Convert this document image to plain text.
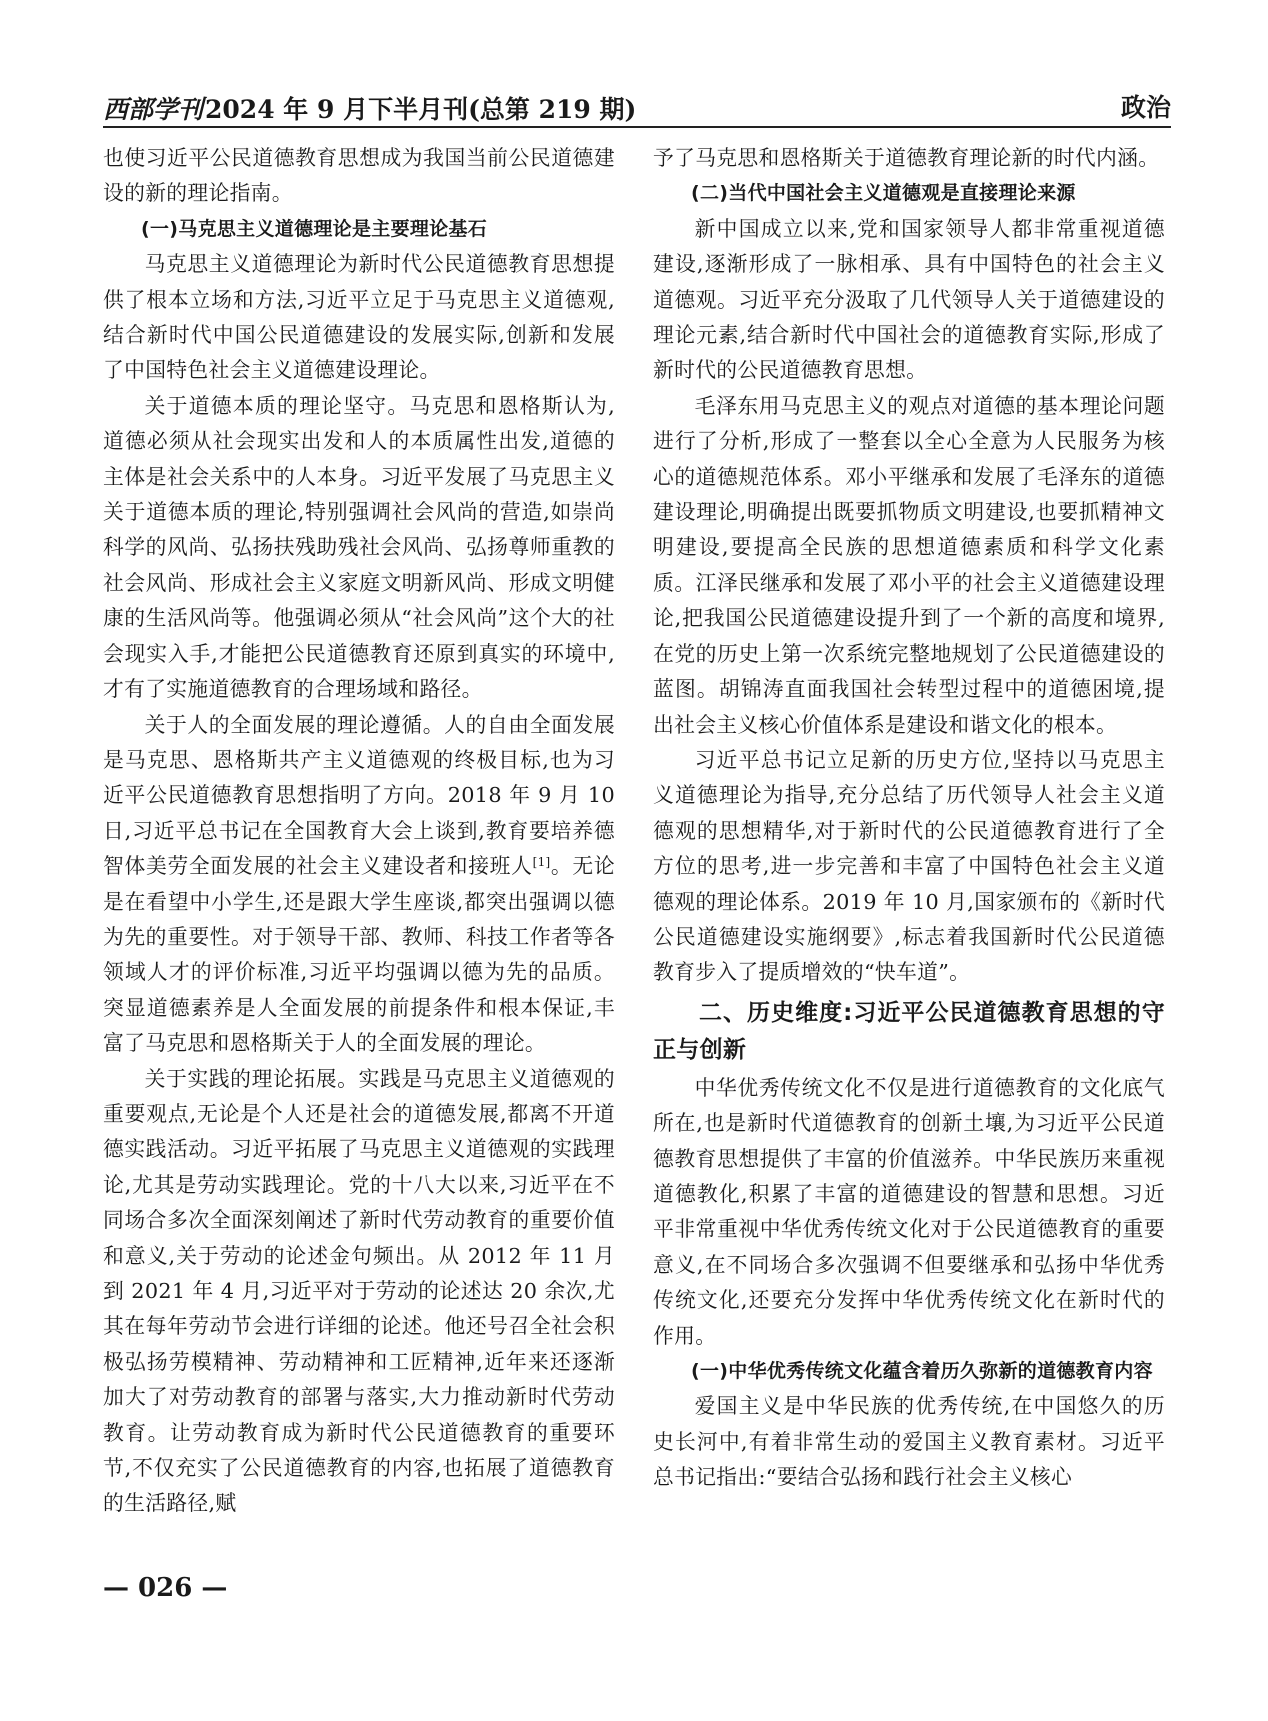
西部学刊2024 年 9 月下半月刊(总第 219 期)	政治

也使习近平公民道德教育思想成为我国当前公民道德建设的新的理论指南。

(一)马克思主义道德理论是主要理论基石

马克思主义道德理论为新时代公民道德教育思想提供了根本立场和方法,习近平立足于马克思主义道德观,结合新时代中国公民道德建设的发展实际,创新和发展了中国特色社会主义道德建设理论。

关于道德本质的理论坚守。马克思和恩格斯认为,道德必须从社会现实出发和人的本质属性出发,道德的主体是社会关系中的人本身。习近平发展了马克思主义关于道德本质的理论,特别强调社会风尚的营造,如崇尚科学的风尚、弘扬扶残助残社会风尚、弘扬尊师重教的社会风尚、形成社会主义家庭文明新风尚、形成文明健康的生活风尚等。他强调必须从“社会风尚”这个大的社会现实入手,才能把公民道德教育还原到真实的环境中,才有了实施道德教育的合理场域和路径。

关于人的全面发展的理论遵循。人的自由全面发展是马克思、恩格斯共产主义道德观的终极目标,也为习近平公民道德教育思想指明了方向。2018 年 9 月 10 日,习近平总书记在全国教育大会上谈到,教育要培养德智体美劳全面发展的社会主义建设者和接班人[1]。无论是在看望中小学生,还是跟大学生座谈,都突出强调以德为先的重要性。对于领导干部、教师、科技工作者等各领域人才的评价标准,习近平均强调以德为先的品质。突显道德素养是人全面发展的前提条件和根本保证,丰富了马克思和恩格斯关于人的全面发展的理论。

关于实践的理论拓展。实践是马克思主义道德观的重要观点,无论是个人还是社会的道德发展,都离不开道德实践活动。习近平拓展了马克思主义道德观的实践理论,尤其是劳动实践理论。党的十八大以来,习近平在不同场合多次全面深刻阐述了新时代劳动教育的重要价值和意义,关于劳动的论述金句频出。从 2012 年 11 月到 2021 年 4 月,习近平对于劳动的论述达 20 余次,尤其在每年劳动节会进行详细的论述。他还号召全社会积极弘扬劳模精神、劳动精神和工匠精神,近年来还逐渐加大了对劳动教育的部署与落实,大力推动新时代劳动教育。让劳动教育成为新时代公民道德教育的重要环节,不仅充实了公民道德教育的内容,也拓展了道德教育的生活路径,赋

予了马克思和恩格斯关于道德教育理论新的时代内涵。

(二)当代中国社会主义道德观是直接理论来源

新中国成立以来,党和国家领导人都非常重视道德建设,逐渐形成了一脉相承、具有中国特色的社会主义道德观。习近平充分汲取了几代领导人关于道德建设的理论元素,结合新时代中国社会的道德教育实际,形成了新时代的公民道德教育思想。

毛泽东用马克思主义的观点对道德的基本理论问题进行了分析,形成了一整套以全心全意为人民服务为核心的道德规范体系。邓小平继承和发展了毛泽东的道德建设理论,明确提出既要抓物质文明建设,也要抓精神文明建设,要提高全民族的思想道德素质和科学文化素质。江泽民继承和发展了邓小平的社会主义道德建设理论,把我国公民道德建设提升到了一个新的高度和境界,在党的历史上第一次系统完整地规划了公民道德建设的蓝图。胡锦涛直面我国社会转型过程中的道德困境,提出社会主义核心价值体系是建设和谐文化的根本。

习近平总书记立足新的历史方位,坚持以马克思主义道德理论为指导,充分总结了历代领导人社会主义道德观的思想精华,对于新时代的公民道德教育进行了全方位的思考,进一步完善和丰富了中国特色社会主义道德观的理论体系。2019 年 10 月,国家颁布的《新时代公民道德建设实施纲要》,标志着我国新时代公民道德教育步入了提质增效的“快车道”。

二、历史维度:习近平公民道德教育思想的守正与创新

中华优秀传统文化不仅是进行道德教育的文化底气所在,也是新时代道德教育的创新土壤,为习近平公民道德教育思想提供了丰富的价值滋养。中华民族历来重视道德教化,积累了丰富的道德建设的智慧和思想。习近平非常重视中华优秀传统文化对于公民道德教育的重要意义,在不同场合多次强调不但要继承和弘扬中华优秀传统文化,还要充分发挥中华优秀传统文化在新时代的作用。

(一)中华优秀传统文化蕴含着历久弥新的道德教育内容

爱国主义是中华民族的优秀传统,在中国悠久的历史长河中,有着非常生动的爱国主义教育素材。习近平总书记指出:“要结合弘扬和践行社会主义核心

— 026 —
